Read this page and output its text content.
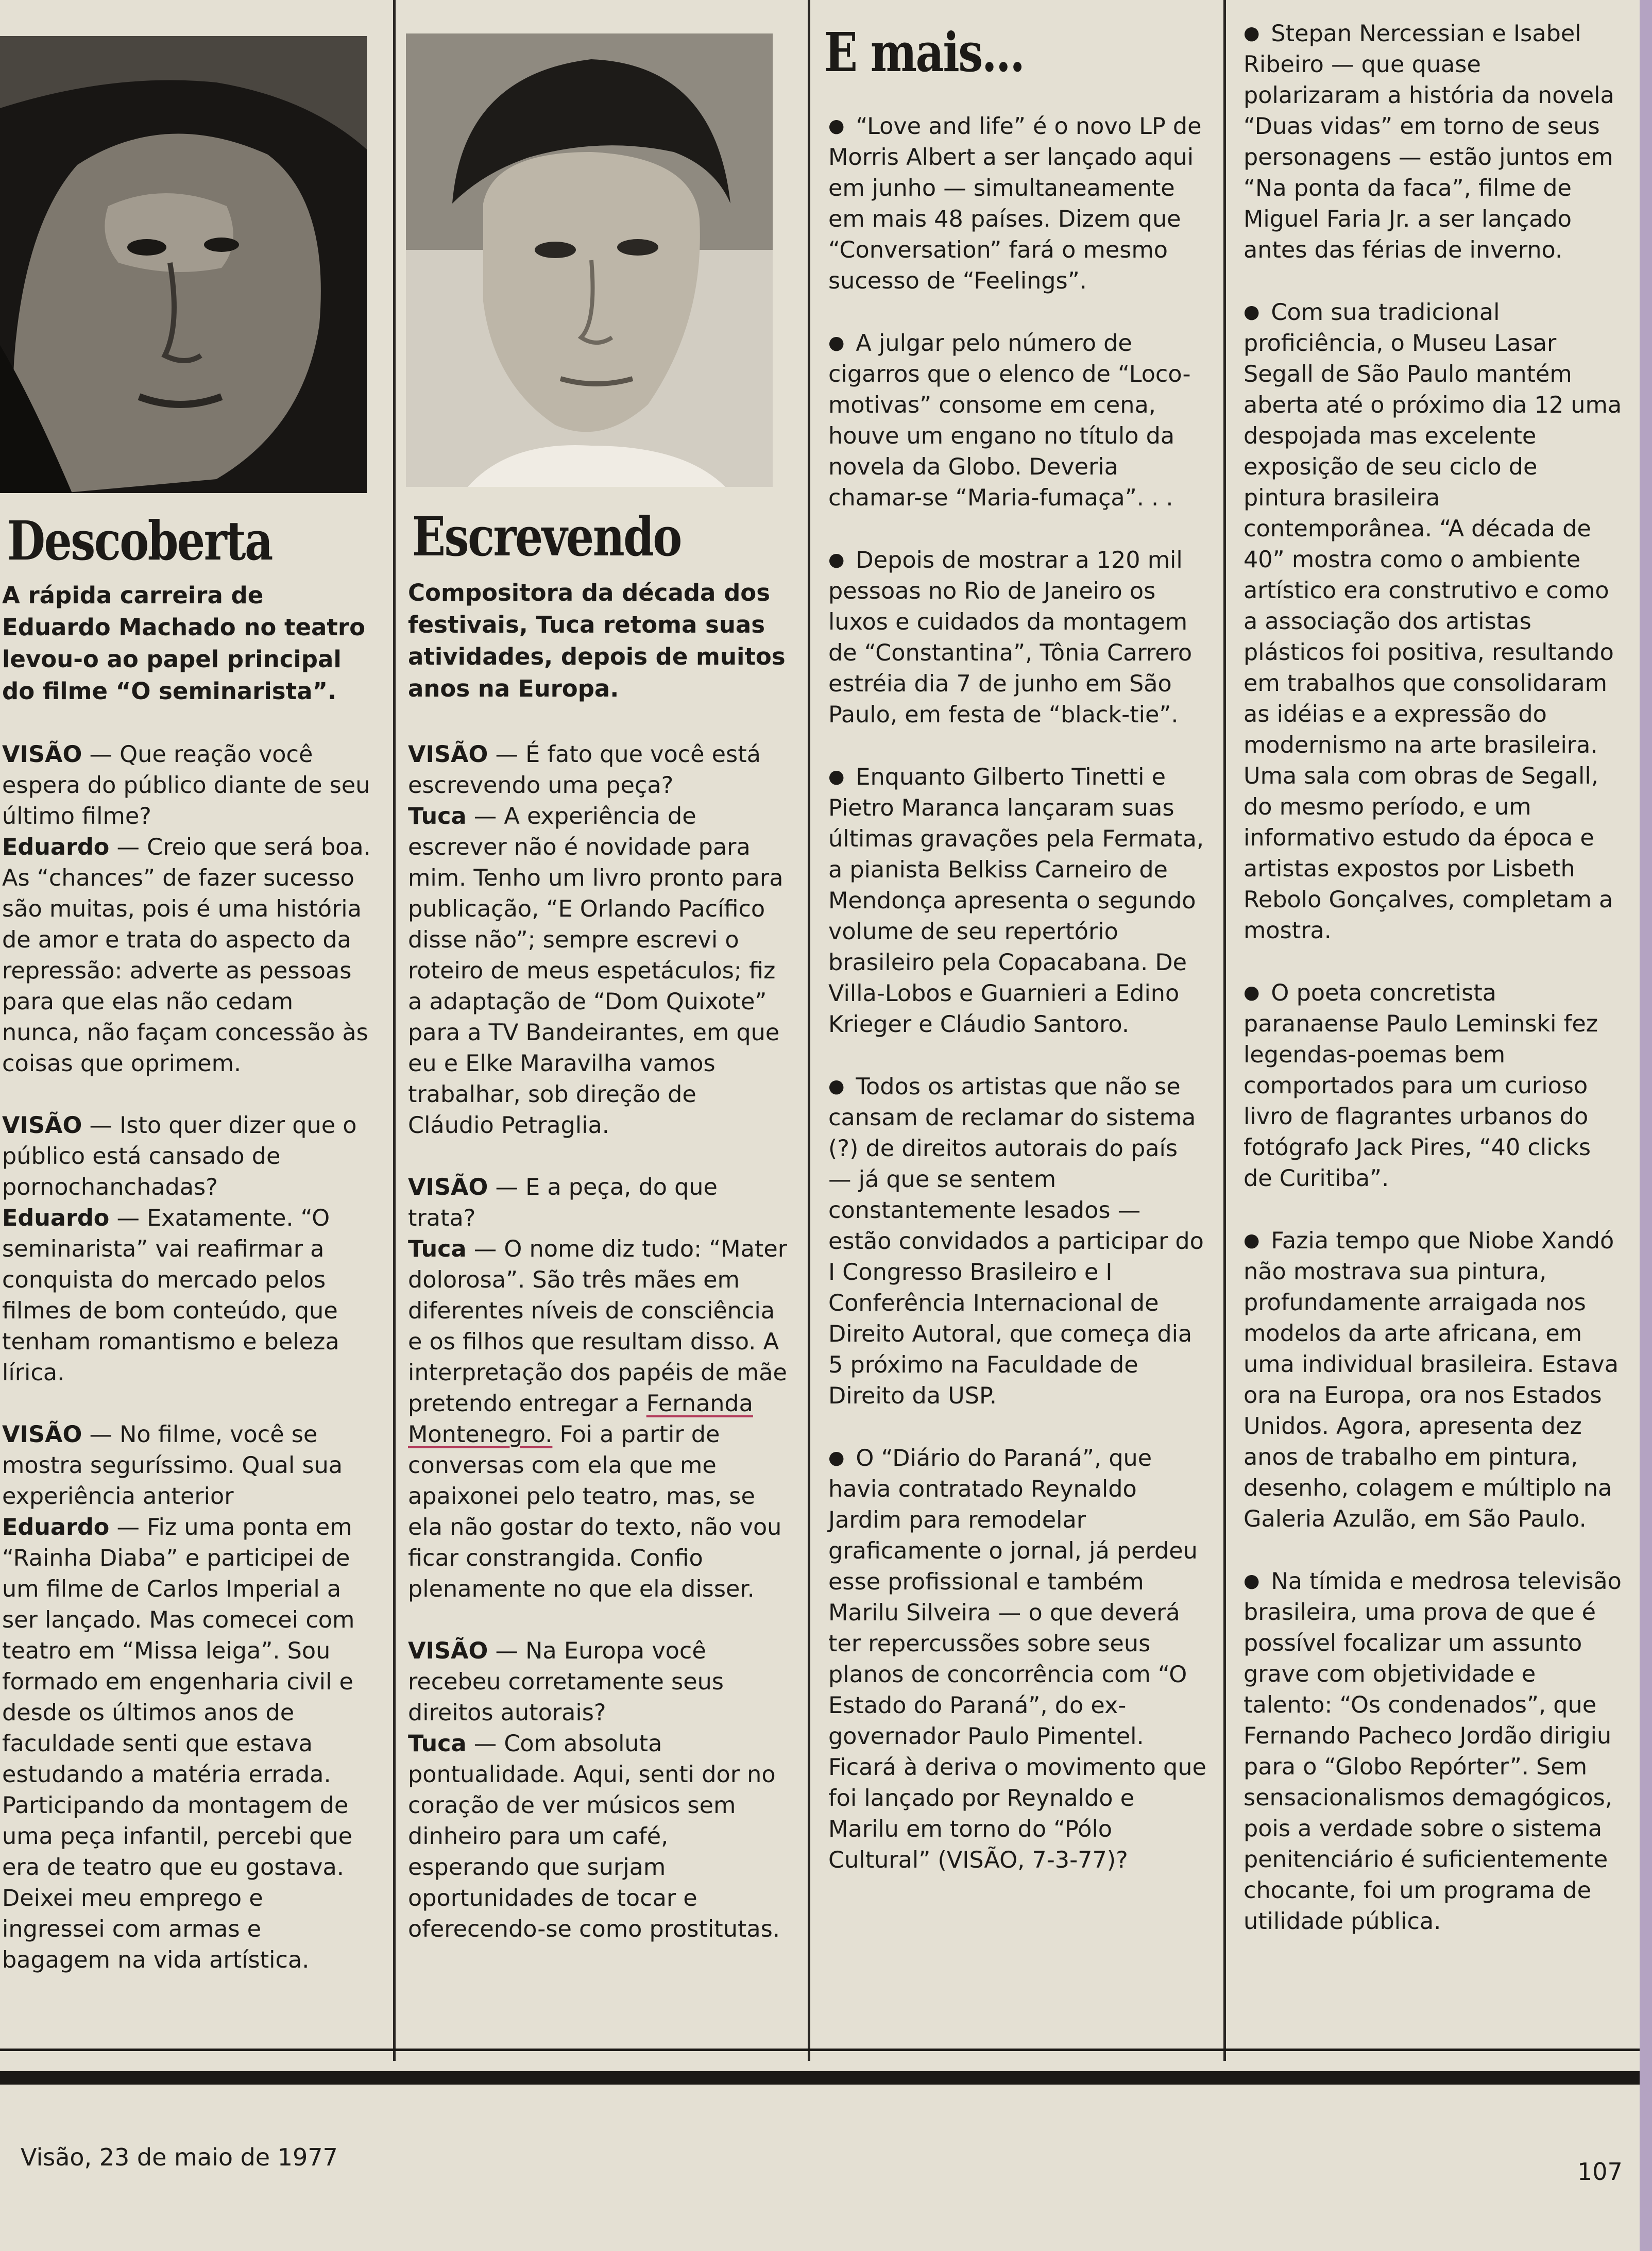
Descoberta
A rápida carreira de Eduardo Machado no teatro levou-o ao papel principal do filme “O seminarista”.

VISÃO — Que reação você espera do público diante de seu último filme?
Eduardo — Creio que será boa. As “chances” de fazer sucesso são muitas, pois é uma história de amor e trata do aspecto da repressão: adverte as pessoas para que elas não cedam nunca, não façam concessão às coisas que oprimem.

VISÃO — Isto quer dizer que o público está cansado de pornochanchadas?
Eduardo — Exatamente. “O seminarista” vai reafirmar a conquista do mercado pelos filmes de bom conteúdo, que tenham romantismo e beleza lírica.

VISÃO — No filme, você se mostra seguríssimo. Qual sua experiência anterior
Eduardo — Fiz uma ponta em “Rainha Diaba” e participei de um filme de Carlos Imperial a ser lançado. Mas comecei com teatro em “Missa leiga”. Sou formado em engenharia civil e desde os últimos anos de faculdade senti que estava estudando a matéria errada. Participando da montagem de uma peça infantil, percebi que era de teatro que eu gostava. Deixei meu emprego e ingressei com armas e bagagem na vida artística.

Escrevendo
Compositora da década dos festivais, Tuca retoma suas atividades, depois de muitos anos na Europa.

VISÃO — É fato que você está escrevendo uma peça?
Tuca — A experiência de escrever não é novidade para mim. Tenho um livro pronto para publicação, “E Orlando Pacífico disse não”; sempre escrevi o roteiro de meus espetáculos; fiz a adaptação de “Dom Quixote” para a TV Bandeirantes, em que eu e Elke Maravilha vamos trabalhar, sob direção de Cláudio Petraglia.

VISÃO — E a peça, do que trata?
Tuca — O nome diz tudo: “Mater dolorosa”. São três mães em diferentes níveis de consciência e os filhos que resultam disso. A interpretação dos papéis de mãe pretendo entregar a Fernanda Montenegro. Foi a partir de conversas com ela que me apaixonei pelo teatro, mas, se ela não gostar do texto, não vou ficar constrangida. Confio plenamente no que ela disser.

VISÃO — Na Europa você recebeu corretamente seus direitos autorais?
Tuca — Com absoluta pontualidade. Aqui, senti dor no coração de ver músicos sem dinheiro para um café, esperando que surjam oportunidades de tocar e oferecendo-se como prostitutas.

E mais...

● “Love and life” é o novo LP de Morris Albert a ser lançado aqui em junho — simultaneamente em mais 48 países. Dizem que “Conversation” fará o mesmo sucesso de “Feelings”.

● A julgar pelo número de cigarros que o elenco de “Loco-motivas” consome em cena, houve um engano no título da novela da Globo. Deveria chamar-se “Maria-fumaça”. . .

● Depois de mostrar a 120 mil pessoas no Rio de Janeiro os luxos e cuidados da montagem de “Constantina”, Tônia Carrero estréia dia 7 de junho em São Paulo, em festa de “black-tie”.

● Enquanto Gilberto Tinetti e Pietro Maranca lançaram suas últimas gravações pela Fermata, a pianista Belkiss Carneiro de Mendonça apresenta o segundo volume de seu repertório brasileiro pela Copacabana. De Villa-Lobos e Guarnieri a Edino Krieger e Cláudio Santoro.

● Todos os artistas que não se cansam de reclamar do sistema (?) de direitos autorais do país — já que se sentem constantemente lesados — estão convidados a participar do I Congresso Brasileiro e I Conferência Internacional de Direito Autoral, que começa dia 5 próximo na Faculdade de Direito da USP.

● O “Diário do Paraná”, que havia contratado Reynaldo Jardim para remodelar graficamente o jornal, já perdeu esse profissional e também Marilu Silveira — o que deverá ter repercussões sobre seus planos de concorrência com “O Estado do Paraná”, do ex-governador Paulo Pimentel. Ficará à deriva o movimento que foi lançado por Reynaldo e Marilu em torno do “Pólo Cultural” (VISÃO, 7-3-77)?

● Stepan Nercessian e Isabel Ribeiro — que quase polarizaram a história da novela “Duas vidas” em torno de seus personagens — estão juntos em “Na ponta da faca”, filme de Miguel Faria Jr. a ser lançado antes das férias de inverno.

● Com sua tradicional proficiência, o Museu Lasar Segall de São Paulo mantém aberta até o próximo dia 12 uma despojada mas excelente exposição de seu ciclo de pintura brasileira contemporânea. “A década de 40” mostra como o ambiente artístico era construtivo e como a associação dos artistas plásticos foi positiva, resultando em trabalhos que consolidaram as idéias e a expressão do modernismo na arte brasileira. Uma sala com obras de Segall, do mesmo período, e um informativo estudo da época e artistas expostos por Lisbeth Rebolo Gonçalves, completam a mostra.

● O poeta concretista paranaense Paulo Leminski fez legendas-poemas bem comportados para um curioso livro de flagrantes urbanos do fotógrafo Jack Pires, “40 clicks de Curitiba”.

● Fazia tempo que Niobe Xandó não mostrava sua pintura, profundamente arraigada nos modelos da arte africana, em uma individual brasileira. Estava ora na Europa, ora nos Estados Unidos. Agora, apresenta dez anos de trabalho em pintura, desenho, colagem e múltiplo na Galeria Azulão, em São Paulo.

● Na tímida e medrosa televisão brasileira, uma prova de que é possível focalizar um assunto grave com objetividade e talento: “Os condenados”, que Fernando Pacheco Jordão dirigiu para o “Globo Repórter”. Sem sensacionalismos demagógicos, pois a verdade sobre o sistema penitenciário é suficientemente chocante, foi um programa de utilidade pública.

Visão, 23 de maio de 1977
107
